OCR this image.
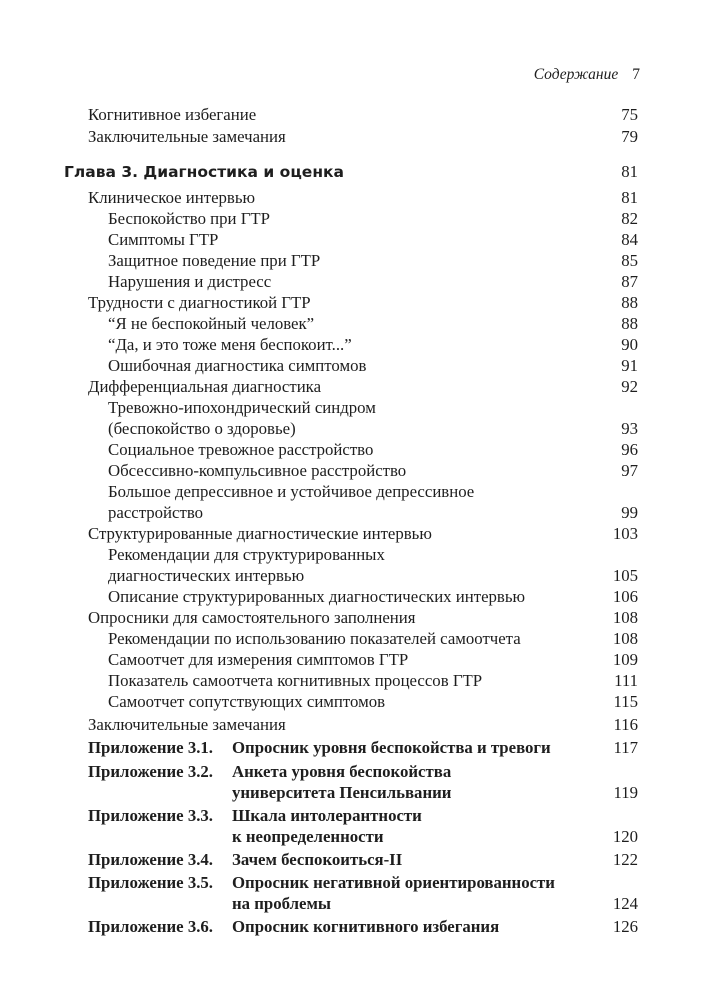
Содержание 7
Когнитивное избегание	75
Заключительные замечания	79
Глава 3. Диагностика и оценка	81
Клиническое интервью	81
Беспокойство при ГТР	82
Симптомы ГТР	84
Защитное поведение при ГТР	85
Нарушения и дистресс	87
Трудности с диагностикой ГТР	88
“Я не беспокойный человек”	88
“Да, и это тоже меня беспокоит...”	90
Ошибочная диагностика симптомов	91
Дифференциальная диагностика	92
Тревожно-ипохондрический синдром
(беспокойство о здоровье)	93
Социальное тревожное расстройство	96
Обсессивно-компульсивное расстройство	97
Большое депрессивное и устойчивое депрессивное
расстройство	99
Структурированные диагностические интервью	103
Рекомендации для структурированных
диагностических интервью	105
Описание структурированных диагностических интервью	106
Опросники для самостоятельного заполнения	108
Рекомендации по использованию показателей самоотчета	108
Самоотчет для измерения симптомов ГТР	109
Показатель самоотчета когнитивных процессов ГТР	111
Самоотчет сопутствующих симптомов	115
Заключительные замечания	116
Приложение 3.1. Опросник уровня беспокойства и тревоги	117
Приложение 3.2. Анкета уровня беспокойства
университета Пенсильвании	119
Приложение 3.3. Шкала интолерантности
к неопределенности	120
Приложение 3.4. Зачем беспокоиться-II	122
Приложение 3.5. Опросник негативной ориентированности
на проблемы	124
Приложение 3.6. Опросник когнитивного избегания	126
